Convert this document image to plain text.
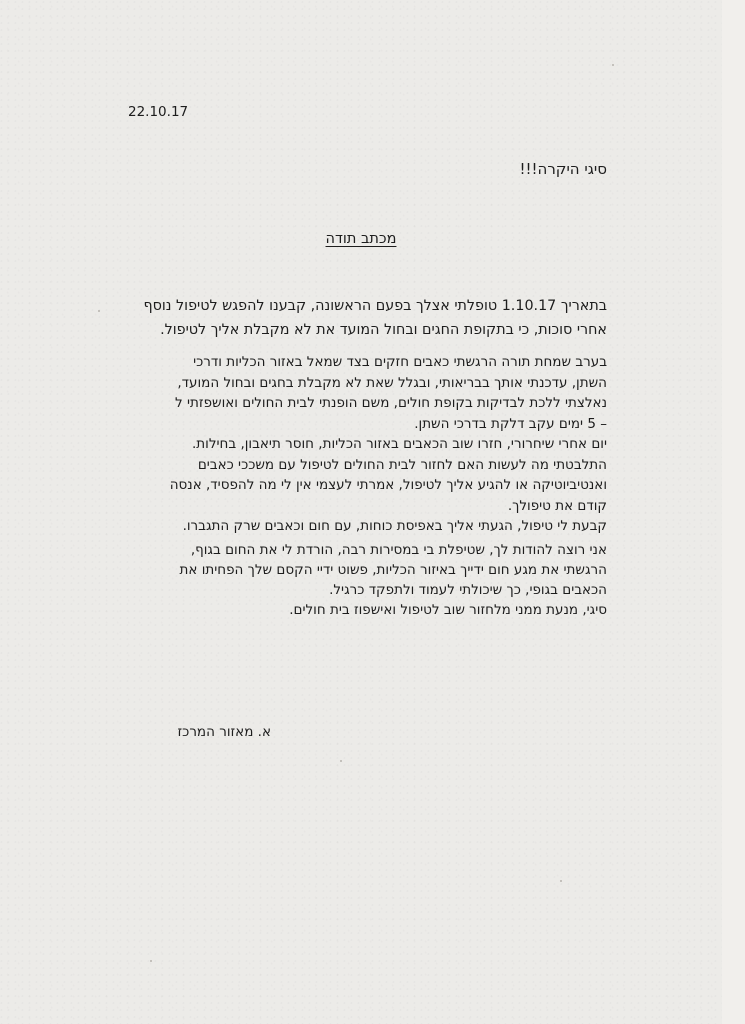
22.10.17
סיגי היקרה!!!
מכתב תודה
בתאריך 1.10.17 טופלתי אצלך בפעם הראשונה, קבענו להפגש לטיפול נוסף
אחרי סוכות, כי בתקופת החגים ובחול המועד את לא מקבלת אליך לטיפול.
בערב שמחת תורה הרגשתי כאבים חזקים בצד שמאל באזור הכליות ודרכי
השתן, עדכנתי אותך בבריאותי, ובגלל שאת לא מקבלת בחגים ובחול המועד,
נאלצתי ללכת לבדיקות בקופת חולים, משם הופנתי לבית החולים ואושפזתי ל
– 5 ימים עקב דלקת בדרכי השתן.
יום אחרי שיחרורי, חזרו שוב הכאבים באזור הכליות, חוסר תיאבון, בחילות.
התלבטתי מה לעשות האם לחזור לבית החולים לטיפול עם משככי כאבים
ואנטיביוטיקה או להגיע אליך לטיפול, אמרתי לעצמי אין לי מה להפסיד, אנסה
קודם את טיפולך.
קבעת לי טיפול, הגעתי אליך באפיסת כוחות, עם חום וכאבים שרק התגברו.
אני רוצה להודות לך, שטיפלת בי במסירות רבה, הורדת לי את החום בגוף,
הרגשתי את מגע חום ידייך באיזור הכליות, פשוט ידיי הקסם שלך הפחיתו את
הכאבים בגופי, כך שיכולתי לעמוד ולתפקד כרגיל.
סיגי, מנעת ממני מלחזור שוב לטיפול ואישפוז בית חולים.
א. מאזור המרכז
